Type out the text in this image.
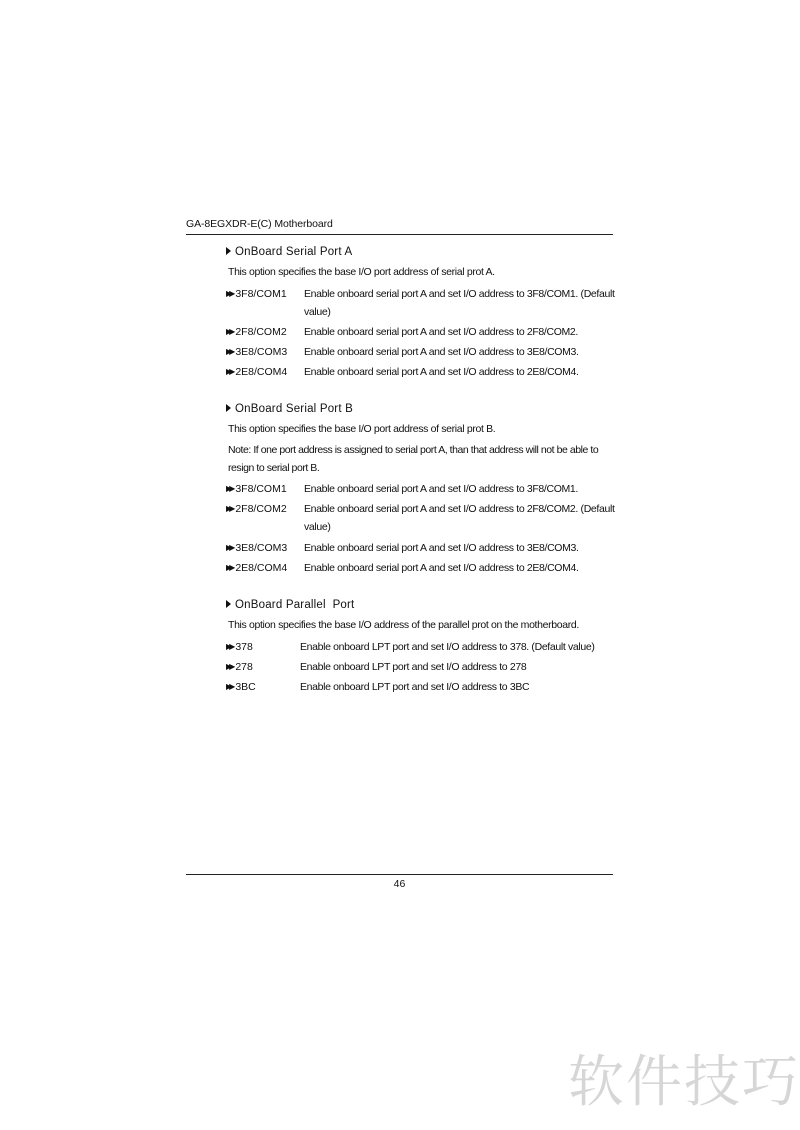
GA-8EGXDR-E(C) Motherboard
OnBoard Serial Port A
This option specifies the base I/O port address of serial prot A.
▶▶ 3F8/COM1 Enable onboard serial port A and set I/O address to 3F8/COM1. (Default value)
▶▶ 2F8/COM2 Enable onboard serial port A and set I/O address to 2F8/COM2.
▶▶ 3E8/COM3 Enable onboard serial port A and set I/O address to 3E8/COM3.
▶▶ 2E8/COM4 Enable onboard serial port A and set I/O address to 2E8/COM4.
OnBoard Serial Port B
This option specifies the base I/O port address of serial prot B.
Note: If one port address is assigned to serial port A, than that address will not be able to resign to serial port B.
▶▶ 3F8/COM1 Enable onboard serial port A and set I/O address to 3F8/COM1.
▶▶ 2F8/COM2 Enable onboard serial port A and set I/O address to 2F8/COM2. (Default value)
▶▶ 3E8/COM3 Enable onboard serial port A and set I/O address to 3E8/COM3.
▶▶ 2E8/COM4 Enable onboard serial port A and set I/O address to 2E8/COM4.
OnBoard Parallel  Port
This option specifies the base I/O address of the parallel prot on the motherboard.
▶▶ 378	Enable onboard LPT port and set I/O address to 378. (Default value)
▶▶ 278	Enable onboard LPT port and set I/O address to 278
▶▶ 3BC	Enable onboard LPT port and set I/O address to 3BC
46
软件技巧
